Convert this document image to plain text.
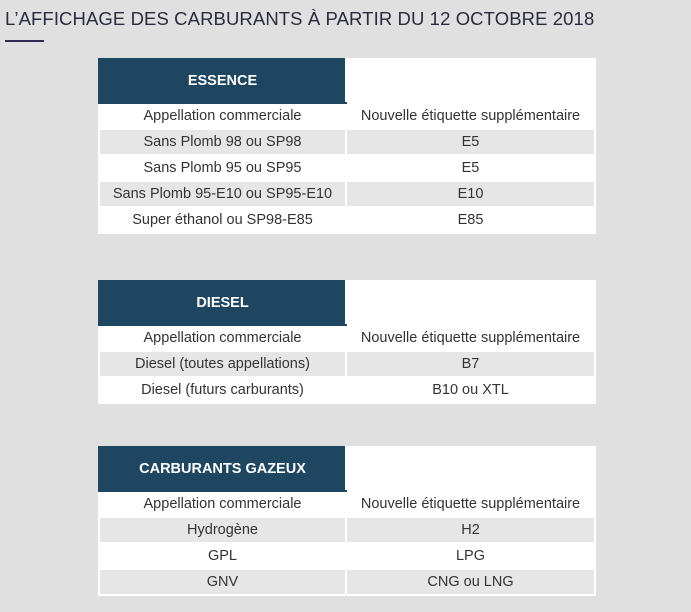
L’AFFICHAGE DES CARBURANTS À PARTIR DU 12 OCTOBRE 2018
ESSENCE	
Appellation commerciale	Nouvelle étiquette supplémentaire
Sans Plomb 98 ou SP98	E5
Sans Plomb 95 ou SP95	E5
Sans Plomb 95-E10 ou SP95-E10	E10
Super éthanol ou SP98-E85	E85
DIESEL	
Appellation commerciale	Nouvelle étiquette supplémentaire
Diesel (toutes appellations)	B7
Diesel (futurs carburants)	B10 ou XTL
CARBURANTS GAZEUX	
Appellation commerciale	Nouvelle étiquette supplémentaire
Hydrogène	H2
GPL	LPG
GNV	CNG ou LNG
